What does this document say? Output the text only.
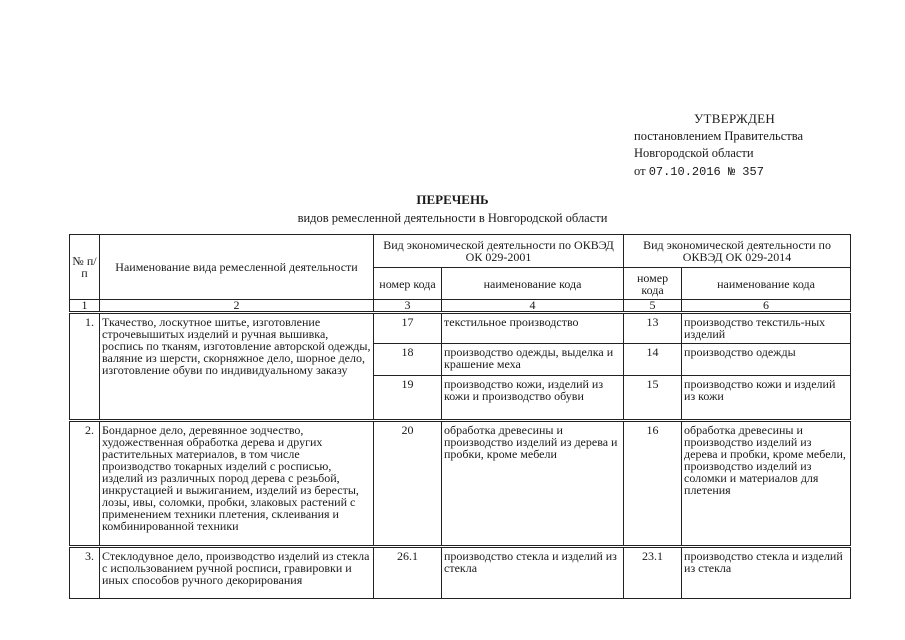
УТВЕРЖДЕН
постановлением Правительства
Новгородской области
от 07.10.2016 № 357
ПЕРЕЧЕНЬ
видов ремесленной деятельности в Новгородской области
№ п/п	Наименование вида ремесленной деятельности	Вид экономической деятельности по ОКВЭД ОК 029-2001		Вид экономической деятельности по ОКВЭД ОК 029-2014	
		номер кода	наименование кода	номер кода	наименование кода
1	2	3	4	5	6
1.	Ткачество, лоскутное шитье, изготовление строчевышитых изделий и ручная вышивка, роспись по тканям, изготовление авторской одежды, валяние из шерсти, скорняжное дело, шорное дело, изготовление обуви по индивидуальному заказу	17	текстильное производство	13	производство текстиль-ных изделий
		18	производство одежды, выделка и крашение меха	14	производство одежды
		19	производство кожи, изделий из кожи и производство обуви	15	производство кожи и изделий из кожи
2.	Бондарное дело, деревянное зодчество, художественная обработка дерева и других растительных материалов, в том числе производство токарных изделий с росписью, изделий из различных пород дерева с резьбой, инкрустацией и выжиганием, изделий из бересты, лозы, ивы, соломки, пробки, злаковых растений с применением техники плетения, склеивания и комбинированной техники	20	обработка древесины и производство изделий из дерева и пробки, кроме мебели	16	обработка древесины и производство изделий из дерева и пробки, кроме мебели, производство изделий из соломки и материалов для плетения
3.	Стеклодувное дело, производство изделий из стекла с использованием ручной росписи, гравировки и иных способов ручного декорирования	26.1	производство стекла и изделий из стекла	23.1	производство стекла и изделий из стекла
